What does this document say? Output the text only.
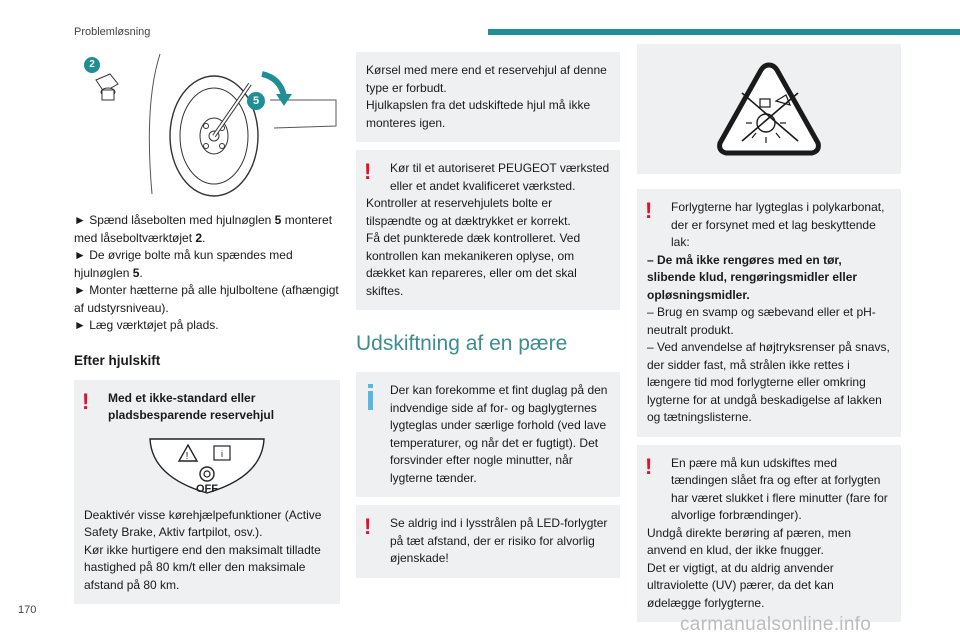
Problemløsning
2
5

► Spænd låsebolten med hjulnøglen 5 monteret med låseboltværktøjet 2.

► De øvrige bolte må kun spændes med hjulnøglen 5.

► Monter hætterne på alle hjulboltene (afhængigt af udstyrsniveau).

► Læg værktøjet på plads.

Efter hjulskift
! Med et ikke-standard eller pladsbesparende reservehjul
!	i
OFF

Deaktivér visse kørehjælpefunktioner (Active Safety Brake, Aktiv fartpilot, osv.).

Kør ikke hurtigere end den maksimalt tilladte hastighed på 80 km/t eller den maksimale afstand på 80 km.

Kørsel med mere end et reservehjul af denne type er forbudt.

Hjulkapslen fra det udskiftede hjul må ikke monteres igen.

! Kør til et autoriseret PEUGEOT værksted eller et andet kvalificeret værksted.

Kontroller at reservehjulets bolte er tilspændte og at dæktrykket er korrekt.

Få det punkterede dæk kontrolleret. Ved kontrollen kan mekanikeren oplyse, om dækket kan repareres, eller om det skal skiftes.

Udskiftning af en pære
Der kan forekomme et fint duglag på den indvendige side af for- og baglygternes lygteglas under særlige forhold (ved lave temperaturer, og når det er fugtigt). Det forsvinder efter nogle minutter, når lygterne tænder.
! Se aldrig ind i lysstrålen på LED-forlygter på tæt afstand, der er risiko for alvorlig øjenskade!
! Forlygterne har lygteglas i polykarbonat, der er forsynet med et lag beskyttende lak:

– De må ikke rengøres med en tør, slibende klud, rengøringsmidler eller opløsningsmidler.

– Brug en svamp og sæbevand eller et pH-neutralt produkt.

– Ved anvendelse af højtryksrenser på snavs, der sidder fast, må strålen ikke rettes i længere tid mod forlygterne eller omkring lygterne for at undgå beskadigelse af lakken og tætningslisterne.

! En pære må kun udskiftes med tændingen slået fra og efter at forlygten har været slukket i flere minutter (fare for alvorlige forbrændinger).

Undgå direkte berøring af pæren, men anvend en klud, der ikke fnugger.

Det er vigtigt, at du aldrig anvender ultraviolette (UV) pærer, da det kan ødelægge forlygterne.

170
carmanualsonline.info
